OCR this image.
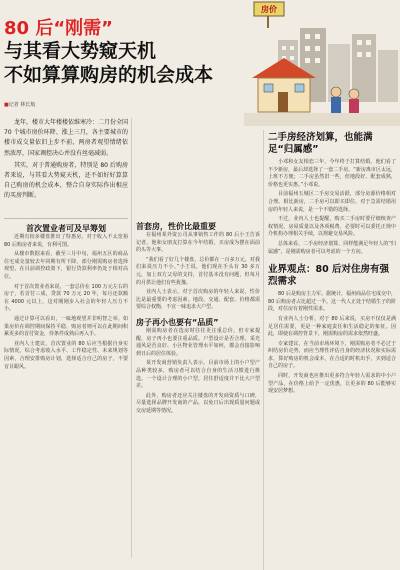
80 后“刚需”
与其看大势窥天机
不如算算购房的机会成本
■记者 林长航
房价

龙年，楼市大年楼楼依维寒冷：二月份全国 70 个城市房价环降、涨上三月，各主要城市的楼市成交量依旧上步不前，两房者观望情绪依然浓厚，国家调控决心并没有丝毫减弱。

其实，对于普通购房者，特别是 80 后购房者来说，与其看大势窥天机，还不如好好算算自己购房的机会成本，整合自身实际作出相应的买房判断。

首次置业者可及早筹划

近期有较多楼盘推出了特惠房，对于收入不太宽裕 80 后购房者来说，有利可图。

从楼市数据来看，截至三月中旬，福州五区的商品住宅成交量较去年同期有所下降，部分刚需购房者选择观望。在目前调控政策下，银行贷款利率仍处于相对高位。

对于首次置业者来说，一套总价在 100 万元左右的房子，若首付三成，贷款 70 万元 20 年，每月还款额在 4000 元以上，这对刚刚步入社会的年轻人压力不小。

通过计算可以看出，一味地观望并非明智之举。如果房价在调控期间保持平稳，购房者则可以在此期间积累更多的首付资金，待条件成熟后再入手。

业内人士建议，首次置业的 80 后应当根据自身实际情况，综合考虑收入水平、工作稳定性、未来规划等因素，合理安排购房计划，选择适合自己的房子，不要盲目跟风。

首套房，性价比最重要

在福州某外资公司从事销售工作的 80 后小王告诉记者，他和女朋友打算在今年结婚，买房成为摆在面前的头等大事。

“我们看了好几个楼盘，总价都在一百多万元，对我们来说压力不小。”小王说，他们现在手头有 30 多万元，加上双方父母的支持，首付基本没有问题，但每月的月供让他们有些犹豫。

业内人士表示，对于首次购房的年轻人来说，性价比是最重要的考虑因素。地段、交通、配套、价格都需要综合权衡，不宜一味追求大户型。

房子再小也要有“品质”

刚需购房者在选房时往往更注重总价，但专家提醒，房子再小也要注重品质。户型设计是否合理、采光通风是否良好、小区物业管理水平如何，都会直接影响到日后的居住体验。

某开发商营销负责人表示，目前市场上的小户型产品种类较多，购房者可以结合自身的生活习惯进行挑选。一个设计合理的小户型，居住舒适度并不比大户型差。

此外，购房者还应关注楼盘的开发商资质与口碑，尽量选择品牌开发商的产品，以免日后出现质量问题或交房延期等情况。

二手房经济划算，也能满足“归属感”

小邓和女友相恋三年，今年终于打算结婚。他们看了不少新房，最后却选择了一套二手房。“新房离市区太远，上班不方便；二手房虽然旧一些，但地段好、配套成熟，价格也更实惠。”小邓说。

目前福州五城区二手房交易活跃，部分房源价格相对合理。相比新房，二手房可以即买即住，对于急需结婚用房的年轻人来说，是一个不错的选择。

不过，业内人士也提醒，购买二手房时要仔细核查产权情况、房屋质量以及各项税费，必要时可以委托正规中介机构办理相关手续，以规避交易风险。

总体来看，二手房经济划算，同样能满足年轻人的“归属感”，是刚需购房者可以考虑的一个方向。

业界观点：80 后对住房有强烈需求

80 后是购房主力军。据统计，福州商品住宅成交中，80 后购房者占比超过一半。这一代人正处于结婚生子的阶段，对住房有着刚性需求。

有业内人士分析，对于 80 后来说，买房不仅仅是满足居住需要，更是一种家庭责任和生活稳定的象征。因此，即使在调控背景下，刚需购房的需求依然旺盛。

专家建议，在当前市场环境下，刚需购房者不必过于纠结房价走势，而应当理性评估自身的经济状况和实际需求，算好购房的机会成本，在合适的时机出手，买到适合自己的房子。

同时，开发商也应推出更多符合年轻人需求的中小户型产品，在价格上给予一定优惠，让更多的 80 后能够实现安居梦想。
